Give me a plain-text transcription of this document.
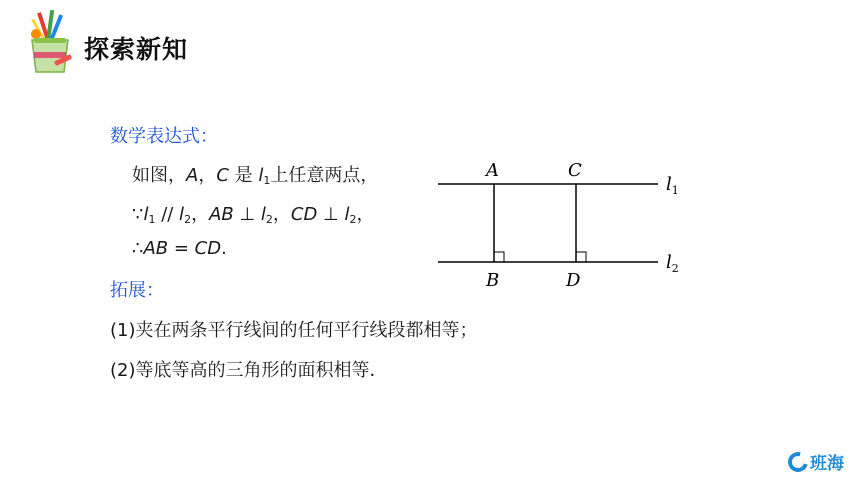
探索新知
数学表达式：
如图，A，C 是 $l_1$上任意两点，
$\because l_1 // l_2$，AB ⊥ $l_2$，CD ⊥ $l_2$，
∴AB = CD.
拓展：
(1)夹在两条平行线间的任何平行线段都相等；
(2)等底等高的三角形的面积相等．
A	C
B	D
$l_1$
$l_2$
班海
